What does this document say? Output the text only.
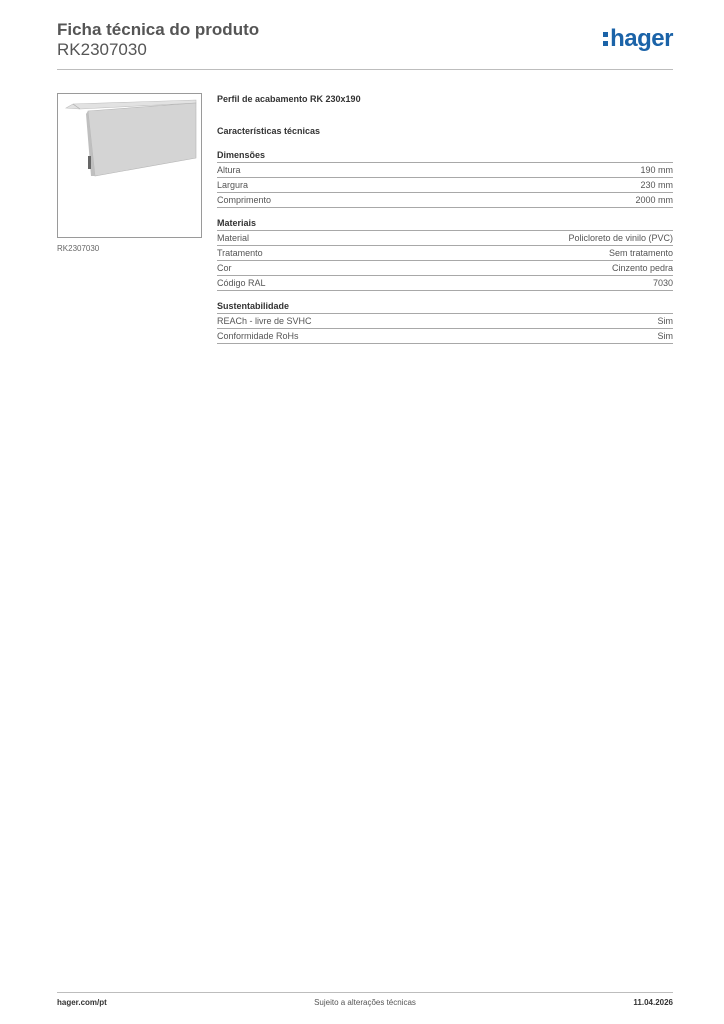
Ficha técnica do produto
RK2307030	hager
RK2307030
Perfil de acabamento RK 230x190
Características técnicas
Dimensões
Altura	190 mm
Largura	230 mm
Comprimento	2000 mm
Materiais
Material	Policloreto de vinilo (PVC)
Tratamento	Sem tratamento
Cor	Cinzento pedra
Código RAL	7030
Sustentabilidade
REACh - livre de SVHC	Sim
Conformidade RoHs	Sim
hager.com/pt	Sujeito a alterações técnicas	11.04.2026
